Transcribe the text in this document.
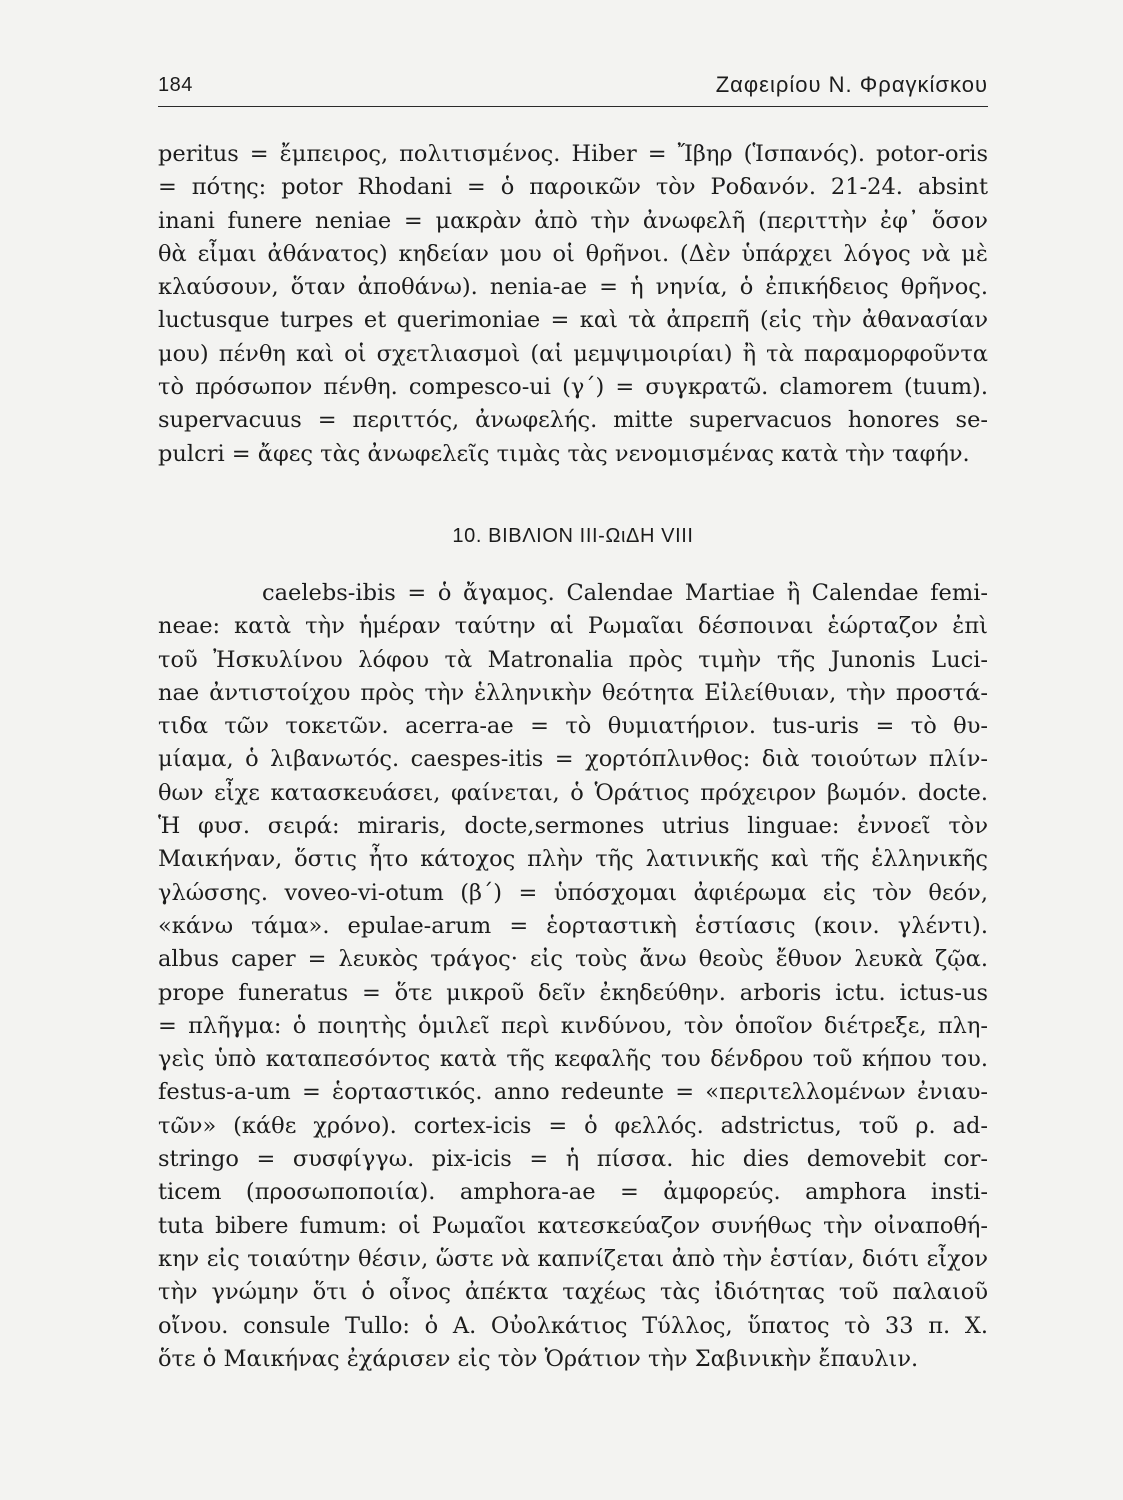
184	Ζαφειρίου Ν. Φραγκίσκου
peritus = ἔμπειρος, πολιτισμένος. Hiber = Ἴβηρ (Ἱσπανός). potor-oris
= πότης: potor Rhodani = ὁ παροικῶν τὸν Ροδανόν. 21-24. absint
inani funere neniae = μακρὰν ἀπὸ τὴν ἀνωφελῆ (περιττὴν ἐφ᾽ ὅσον
θὰ εἶμαι ἀθάνατος) κηδείαν μου οἱ θρῆνοι. (Δὲν ὑπάρχει λόγος νὰ μὲ
κλαύσουν, ὅταν ἀποθάνω). nenia-ae = ἡ νηνία, ὁ ἐπικήδειος θρῆνος.
luctusque turpes et querimoniae = καὶ τὰ ἀπρεπῆ (εἰς τὴν ἀθανασίαν
μου) πένθη καὶ οἱ σχετλιασμοὶ (αἱ μεμψιμοιρίαι) ἢ τὰ παραμορφοῦντα
τὸ πρόσωπον πένθη. compesco-ui (γ΄) = συγκρατῶ. clamorem (tuum).
supervacuus = περιττός, ἀνωφελής. mitte supervacuos honores se-
pulcri = ἄφες τὰς ἀνωφελεῖς τιμὰς τὰς νενομισμένας κατὰ τὴν ταφήν.
10. ΒΙΒΛΙΟΝ ΙΙΙ-ΩιΔΗ VIII
caelebs-ibis = ὁ ἄγαμος. Calendae Martiae ἢ Calendae femi-
neae: κατὰ τὴν ἡμέραν ταύτην αἱ Ρωμαῖαι δέσποιναι ἑώρταζον ἐπὶ
τοῦ Ἠσκυλίνου λόφου τὰ Matronalia πρὸς τιμὴν τῆς Junonis Luci-
nae ἀντιστοίχου πρὸς τὴν ἑλληνικὴν θεότητα Εἰλείθυιαν, τὴν προστά-
τιδα τῶν τοκετῶν. acerra-ae = τὸ θυμιατήριον. tus-uris = τὸ θυ-
μίαμα, ὁ λιβανωτός. caespes-itis = χορτόπλινθος: διὰ τοιούτων πλίν-
θων εἶχε κατασκευάσει, φαίνεται, ὁ Ὁράτιος πρόχειρον βωμόν. docte.
Ἡ φυσ. σειρά: miraris, docte,sermones utrius linguae: ἐννοεῖ τὸν
Μαικήναν, ὅστις ἦτο κάτοχος πλὴν τῆς λατινικῆς καὶ τῆς ἑλληνικῆς
γλώσσης. voveo-vi-otum (β΄) = ὑπόσχομαι ἀφιέρωμα εἰς τὸν θεόν,
«κάνω τάμα». epulae-arum = ἑορταστικὴ ἑστίασις (κοιν. γλέντι).
albus caper = λευκὸς τράγος· εἰς τοὺς ἄνω θεοὺς ἔθυον λευκὰ ζῷα.
prope funeratus = ὅτε μικροῦ δεῖν ἐκηδεύθην. arboris ictu. ictus-us
= πλῆγμα: ὁ ποιητὴς ὁμιλεῖ περὶ κινδύνου, τὸν ὁποῖον διέτρεξε, πλη-
γεὶς ὑπὸ καταπεσόντος κατὰ τῆς κεφαλῆς του δένδρου τοῦ κήπου του.
festus-a-um = ἑορταστικός. anno redeunte = «περιτελλομένων ἐνιαυ-
τῶν» (κάθε χρόνο). cortex-icis = ὁ φελλός. adstrictus, τοῦ ρ. ad-
stringo = συσφίγγω. pix-icis = ἡ πίσσα. hic dies demovebit cor-
ticem (προσωποποιία). amphora-ae = ἀμφορεύς. amphora insti-
tuta bibere fumum: οἱ Ρωμαῖοι κατεσκεύαζον συνήθως τὴν οἰναποθή-
κην εἰς τοιαύτην θέσιν, ὥστε νὰ καπνίζεται ἀπὸ τὴν ἑστίαν, διότι εἶχον
τὴν γνώμην ὅτι ὁ οἶνος ἀπέκτα ταχέως τὰς ἰδιότητας τοῦ παλαιοῦ
οἴνου. consule Tullo: ὁ Α. Οὐολκάτιος Τύλλος, ὕπατος τὸ 33 π. Χ.
ὅτε ὁ Μαικήνας ἐχάρισεν εἰς τὸν Ὁράτιον τὴν Σαβινικὴν ἔπαυλιν.
